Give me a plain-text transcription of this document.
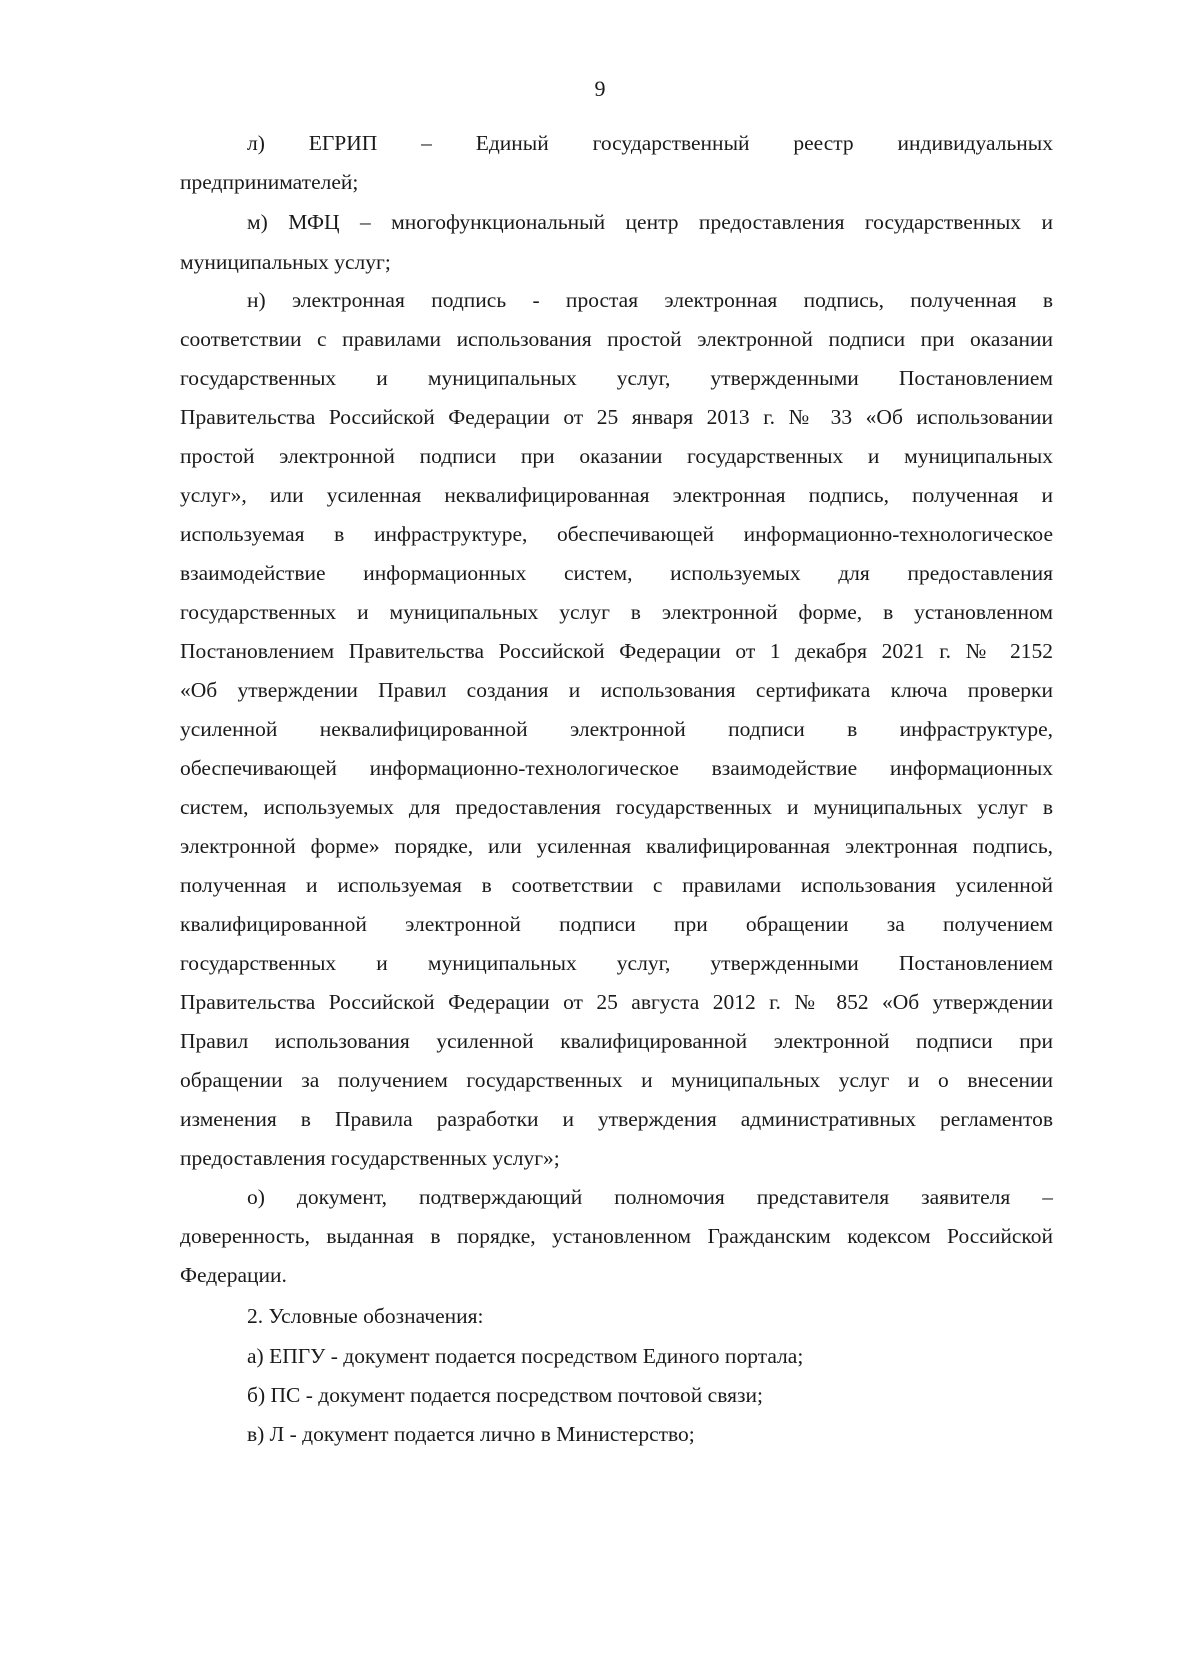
9
л) ЕГРИП – Единый государственный реестр индивидуальных
предпринимателей;
м) МФЦ – многофункциональный центр предоставления государственных и
муниципальных услуг;
н) электронная подпись - простая электронная подпись, полученная в
соответствии с правилами использования простой электронной подписи при оказании
государственных и муниципальных услуг, утвержденными Постановлением
Правительства Российской Федерации от 25 января 2013 г. № 33 «Об использовании
простой электронной подписи при оказании государственных и муниципальных
услуг», или усиленная неквалифицированная электронная подпись, полученная и
используемая в инфраструктуре, обеспечивающей информационно-технологическое
взаимодействие информационных систем, используемых для предоставления
государственных и муниципальных услуг в электронной форме, в установленном
Постановлением Правительства Российской Федерации от 1 декабря 2021 г. № 2152
«Об утверждении Правил создания и использования сертификата ключа проверки
усиленной неквалифицированной электронной подписи в инфраструктуре,
обеспечивающей информационно-технологическое взаимодействие информационных
систем, используемых для предоставления государственных и муниципальных услуг в
электронной форме» порядке, или усиленная квалифицированная электронная подпись,
полученная и используемая в соответствии с правилами использования усиленной
квалифицированной электронной подписи при обращении за получением
государственных и муниципальных услуг, утвержденными Постановлением
Правительства Российской Федерации от 25 августа 2012 г. № 852 «Об утверждении
Правил использования усиленной квалифицированной электронной подписи при
обращении за получением государственных и муниципальных услуг и о внесении
изменения в Правила разработки и утверждения административных регламентов
предоставления государственных услуг»;
о) документ, подтверждающий полномочия представителя заявителя –
доверенность, выданная в порядке, установленном Гражданским кодексом Российской
Федерации.
2. Условные обозначения:
а) ЕПГУ - документ подается посредством Единого портала;
б) ПС - документ подается посредством почтовой связи;
в) Л - документ подается лично в Министерство;
